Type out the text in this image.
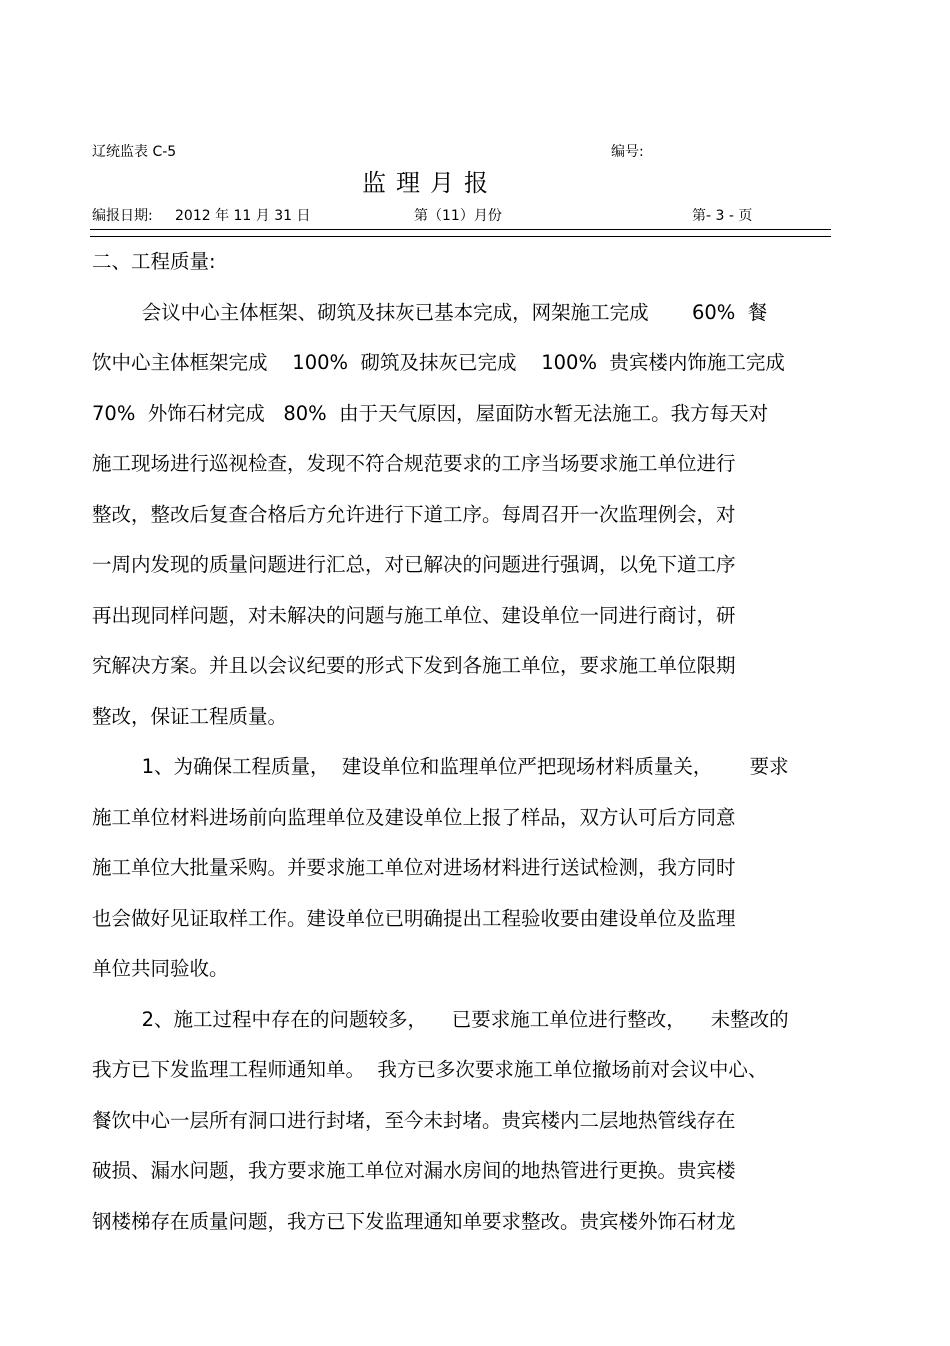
辽统监表 C-5	编号:
监理月报
编报日期: 2012 年 11 月 31 日	第（11）月份	第- 3 - 页
二、工程质量:
会议中心主体框架、砌筑及抹灰已基本完成，网架施工完成       60%  餐
饮中心主体框架完成    100%  砌筑及抹灰已完成    100%  贵宾楼内饰施工完成
70%  外饰石材完成   80%  由于天气原因，屋面防水暂无法施工。我方每天对
施工现场进行巡视检查，发现不符合规范要求的工序当场要求施工单位进行
整改，整改后复查合格后方允许进行下道工序。每周召开一次监理例会，对
一周内发现的质量问题进行汇总，对已解决的问题进行强调，以免下道工序
再出现同样问题，对未解决的问题与施工单位、建设单位一同进行商讨，研
究解决方案。并且以会议纪要的形式下发到各施工单位，要求施工单位限期
整改，保证工程质量。
1、为确保工程质量，  建设单位和监理单位严把现场材料质量关，      要求
施工单位材料进场前向监理单位及建设单位上报了样品，双方认可后方同意
施工单位大批量采购。并要求施工单位对进场材料进行送试检测，我方同时
也会做好见证取样工作。建设单位已明确提出工程验收要由建设单位及监理
单位共同验收。
2、施工过程中存在的问题较多，    已要求施工单位进行整改，    未整改的
我方已下发监理工程师通知单。  我方已多次要求施工单位撤场前对会议中心、
餐饮中心一层所有洞口进行封堵，至今未封堵。贵宾楼内二层地热管线存在
破损、漏水问题，我方要求施工单位对漏水房间的地热管进行更换。贵宾楼
钢楼梯存在质量问题，我方已下发监理通知单要求整改。贵宾楼外饰石材龙
